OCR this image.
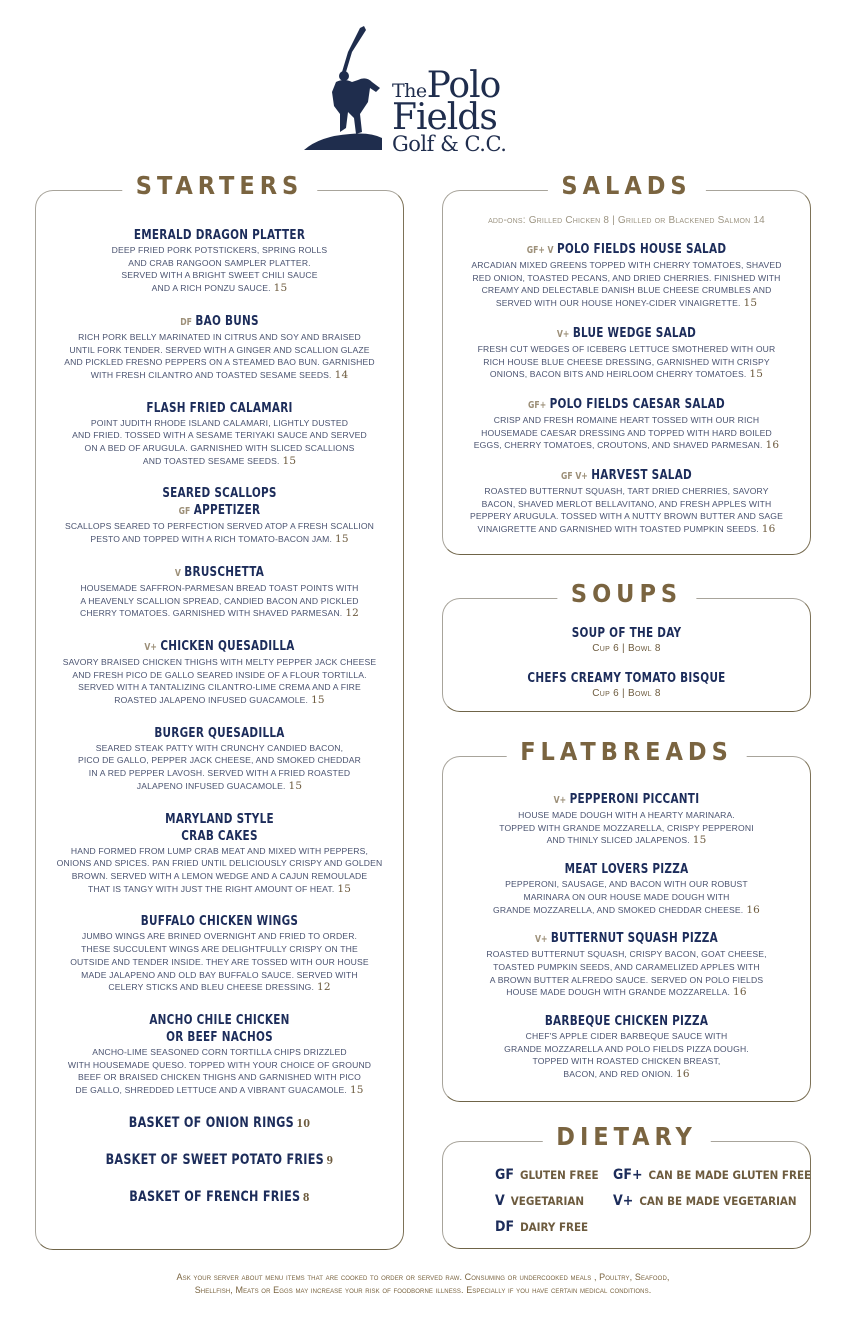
ThePolo
Fields
Golf & C.C.
STARTERS
EMERALD DRAGON PLATTER
DEEP FRIED PORK POTSTICKERS, SPRING ROLLS
AND CRAB RANGOON SAMPLER PLATTER.
SERVED WITH A BRIGHT SWEET CHILI SAUCE
AND A RICH PONZU SAUCE. 15
DF BAO BUNS
RICH PORK BELLY MARINATED IN CITRUS AND SOY AND BRAISED
UNTIL FORK TENDER. SERVED WITH A GINGER AND SCALLION GLAZE
AND PICKLED FRESNO PEPPERS ON A STEAMED BAO BUN. GARNISHED
WITH FRESH CILANTRO AND TOASTED SESAME SEEDS. 14
FLASH FRIED CALAMARI
POINT JUDITH RHODE ISLAND CALAMARI, LIGHTLY DUSTED
AND FRIED. TOSSED WITH A SESAME TERIYAKI SAUCE AND SERVED
ON A BED OF ARUGULA. GARNISHED WITH SLICED SCALLIONS
AND TOASTED SESAME SEEDS. 15
SEARED SCALLOPS
GF APPETIZER
SCALLOPS SEARED TO PERFECTION SERVED ATOP A FRESH SCALLION
PESTO AND TOPPED WITH A RICH TOMATO-BACON JAM. 15
V BRUSCHETTA
HOUSEMADE SAFFRON-PARMESAN BREAD TOAST POINTS WITH
A HEAVENLY SCALLION SPREAD, CANDIED BACON AND PICKLED
CHERRY TOMATOES. GARNISHED WITH SHAVED PARMESAN. 12
V+ CHICKEN QUESADILLA
SAVORY BRAISED CHICKEN THIGHS WITH MELTY PEPPER JACK CHEESE
AND FRESH PICO DE GALLO SEARED INSIDE OF A FLOUR TORTILLA.
SERVED WITH A TANTALIZING CILANTRO-LIME CREMA AND A FIRE
ROASTED JALAPENO INFUSED GUACAMOLE. 15
BURGER QUESADILLA
SEARED STEAK PATTY WITH CRUNCHY CANDIED BACON,
PICO DE GALLO, PEPPER JACK CHEESE, AND SMOKED CHEDDAR
IN A RED PEPPER LAVOSH. SERVED WITH A FRIED ROASTED
JALAPENO INFUSED GUACAMOLE. 15
MARYLAND STYLE
CRAB CAKES
HAND FORMED FROM LUMP CRAB MEAT AND MIXED WITH PEPPERS,
ONIONS AND SPICES. PAN FRIED UNTIL DELICIOUSLY CRISPY AND GOLDEN
BROWN. SERVED WITH A LEMON WEDGE AND A CAJUN REMOULADE
THAT IS TANGY WITH JUST THE RIGHT AMOUNT OF HEAT. 15
BUFFALO CHICKEN WINGS
JUMBO WINGS ARE BRINED OVERNIGHT AND FRIED TO ORDER.
THESE SUCCULENT WINGS ARE DELIGHTFULLY CRISPY ON THE
OUTSIDE AND TENDER INSIDE. THEY ARE TOSSED WITH OUR HOUSE
MADE JALAPENO AND OLD BAY BUFFALO SAUCE. SERVED WITH
CELERY STICKS AND BLEU CHEESE DRESSING. 12
ANCHO CHILE CHICKEN
OR BEEF NACHOS
ANCHO-LIME SEASONED CORN TORTILLA CHIPS DRIZZLED
WITH HOUSEMADE QUESO. TOPPED WITH YOUR CHOICE OF GROUND
BEEF OR BRAISED CHICKEN THIGHS AND GARNISHED WITH PICO
DE GALLO, SHREDDED LETTUCE AND A VIBRANT GUACAMOLE. 15
BASKET OF ONION RINGS 10
BASKET OF SWEET POTATO FRIES 9
BASKET OF FRENCH FRIES 8
SALADS
add-ons: Grilled Chicken 8 | Grilled or Blackened Salmon 14
GF+ V POLO FIELDS HOUSE SALAD
ARCADIAN MIXED GREENS TOPPED WITH CHERRY TOMATOES, SHAVED
RED ONION, TOASTED PECANS, AND DRIED CHERRIES. FINISHED WITH
CREAMY AND DELECTABLE DANISH BLUE CHEESE CRUMBLES AND
SERVED WITH OUR HOUSE HONEY-CIDER VINAIGRETTE. 15
V+ BLUE WEDGE SALAD
FRESH CUT WEDGES OF ICEBERG LETTUCE SMOTHERED WITH OUR
RICH HOUSE BLUE CHEESE DRESSING, GARNISHED WITH CRISPY
ONIONS, BACON BITS AND HEIRLOOM CHERRY TOMATOES. 15
GF+ POLO FIELDS CAESAR SALAD
CRISP AND FRESH ROMAINE HEART TOSSED WITH OUR RICH
HOUSEMADE CAESAR DRESSING AND TOPPED WITH HARD BOILED
EGGS, CHERRY TOMATOES, CROUTONS, AND SHAVED PARMESAN. 16
GF V+ HARVEST SALAD
ROASTED BUTTERNUT SQUASH, TART DRIED CHERRIES, SAVORY
BACON, SHAVED MERLOT BELLAVITANO, AND FRESH APPLES WITH
PEPPERY ARUGULA. TOSSED WITH A NUTTY BROWN BUTTER AND SAGE
VINAIGRETTE AND GARNISHED WITH TOASTED PUMPKIN SEEDS. 16
SOUPS
SOUP OF THE DAY
Cup 6 | Bowl 8
CHEFS CREAMY TOMATO BISQUE
Cup 6 | Bowl 8
FLATBREADS
V+ PEPPERONI PICCANTI
HOUSE MADE DOUGH WITH A HEARTY MARINARA.
TOPPED WITH GRANDE MOZZARELLA, CRISPY PEPPERONI
AND THINLY SLICED JALAPENOS. 15
MEAT LOVERS PIZZA
PEPPERONI, SAUSAGE, AND BACON WITH OUR ROBUST
MARINARA ON OUR HOUSE MADE DOUGH WITH
GRANDE MOZZARELLA, AND SMOKED CHEDDAR CHEESE. 16
V+ BUTTERNUT SQUASH PIZZA
ROASTED BUTTERNUT SQUASH, CRISPY BACON, GOAT CHEESE,
TOASTED PUMPKIN SEEDS, AND CARAMELIZED APPLES WITH
A BROWN BUTTER ALFREDO SAUCE. SERVED ON POLO FIELDS
HOUSE MADE DOUGH WITH GRANDE MOZZARELLA. 16
BARBEQUE CHICKEN PIZZA
CHEF'S APPLE CIDER BARBEQUE SAUCE WITH
GRANDE MOZZARELLA AND POLO FIELDS PIZZA DOUGH.
TOPPED WITH ROASTED CHICKEN BREAST,
BACON, AND RED ONION. 16
DIETARY
GF GLUTEN FREE GF+ CAN BE MADE GLUTEN FREE
V VEGETARIAN V+ CAN BE MADE VEGETARIAN
DF DAIRY FREE
Ask your server about menu items that are cooked to order or served raw. Consuming or undercooked meals , Poultry, Seafood,
Shellfish, Meats or Eggs may increase your risk of foodborne illness. Especially if you have certain medical conditions.
